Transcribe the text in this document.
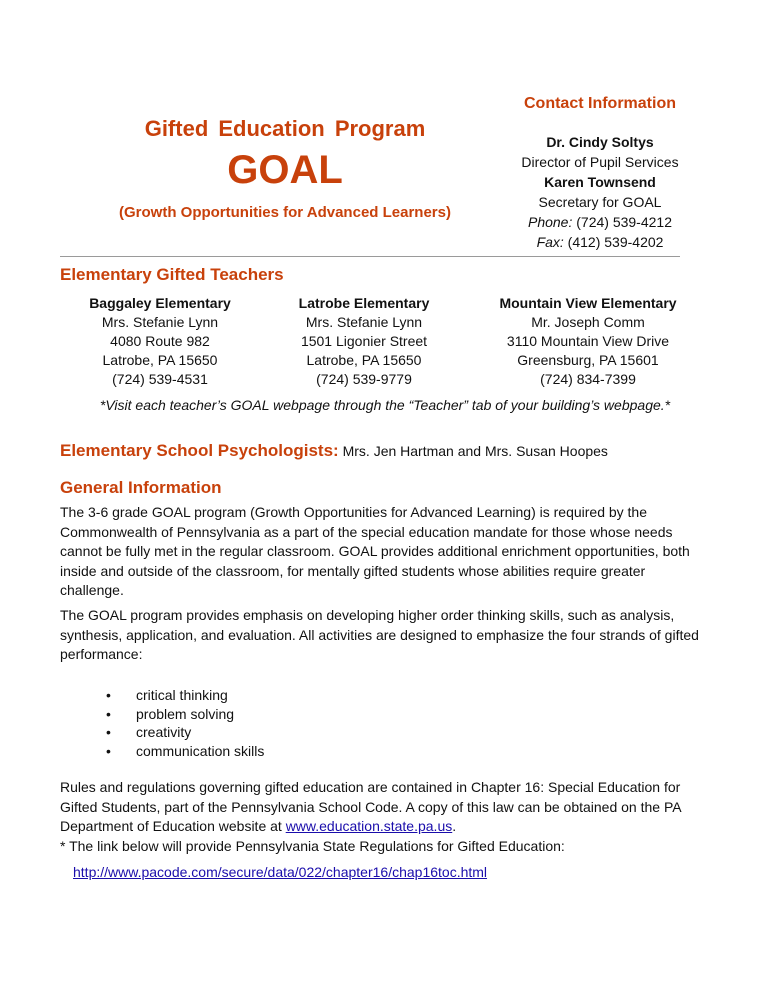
Gifted Education Program
GOAL
(Growth Opportunities for Advanced Learners)
Contact Information
Dr. Cindy Soltys
Director of Pupil Services
Karen Townsend
Secretary for GOAL
Phone: (724) 539-4212
Fax: (412) 539-4202
Elementary Gifted Teachers
Baggaley Elementary
Mrs. Stefanie Lynn
4080 Route 982
Latrobe, PA 15650
(724) 539-4531
Latrobe Elementary
Mrs. Stefanie Lynn
1501 Ligonier Street
Latrobe, PA 15650
(724) 539-9779
Mountain View Elementary
Mr. Joseph Comm
3110 Mountain View Drive
Greensburg, PA 15601
(724) 834-7399
*Visit each teacher’s GOAL webpage through the “Teacher” tab of your building’s webpage.*
Elementary School Psychologists: Mrs. Jen Hartman and Mrs. Susan Hoopes
General Information
The 3-6 grade GOAL program (Growth Opportunities for Advanced Learning) is required by the Commonwealth of Pennsylvania as a part of the special education mandate for those whose needs cannot be fully met in the regular classroom. GOAL provides additional enrichment opportunities, both inside and outside of the classroom, for mentally gifted students whose abilities require greater challenge.
The GOAL program provides emphasis on developing higher order thinking skills, such as analysis, synthesis, application, and evaluation. All activities are designed to emphasize the four strands of gifted performance:
• critical thinking
• problem solving
• creativity
• communication skills
Rules and regulations governing gifted education are contained in Chapter 16: Special Education for Gifted Students, part of the Pennsylvania School Code. A copy of this law can be obtained on the PA Department of Education website at www.education.state.pa.us.
* The link below will provide Pennsylvania State Regulations for Gifted Education:
http://www.pacode.com/secure/data/022/chapter16/chap16toc.html
